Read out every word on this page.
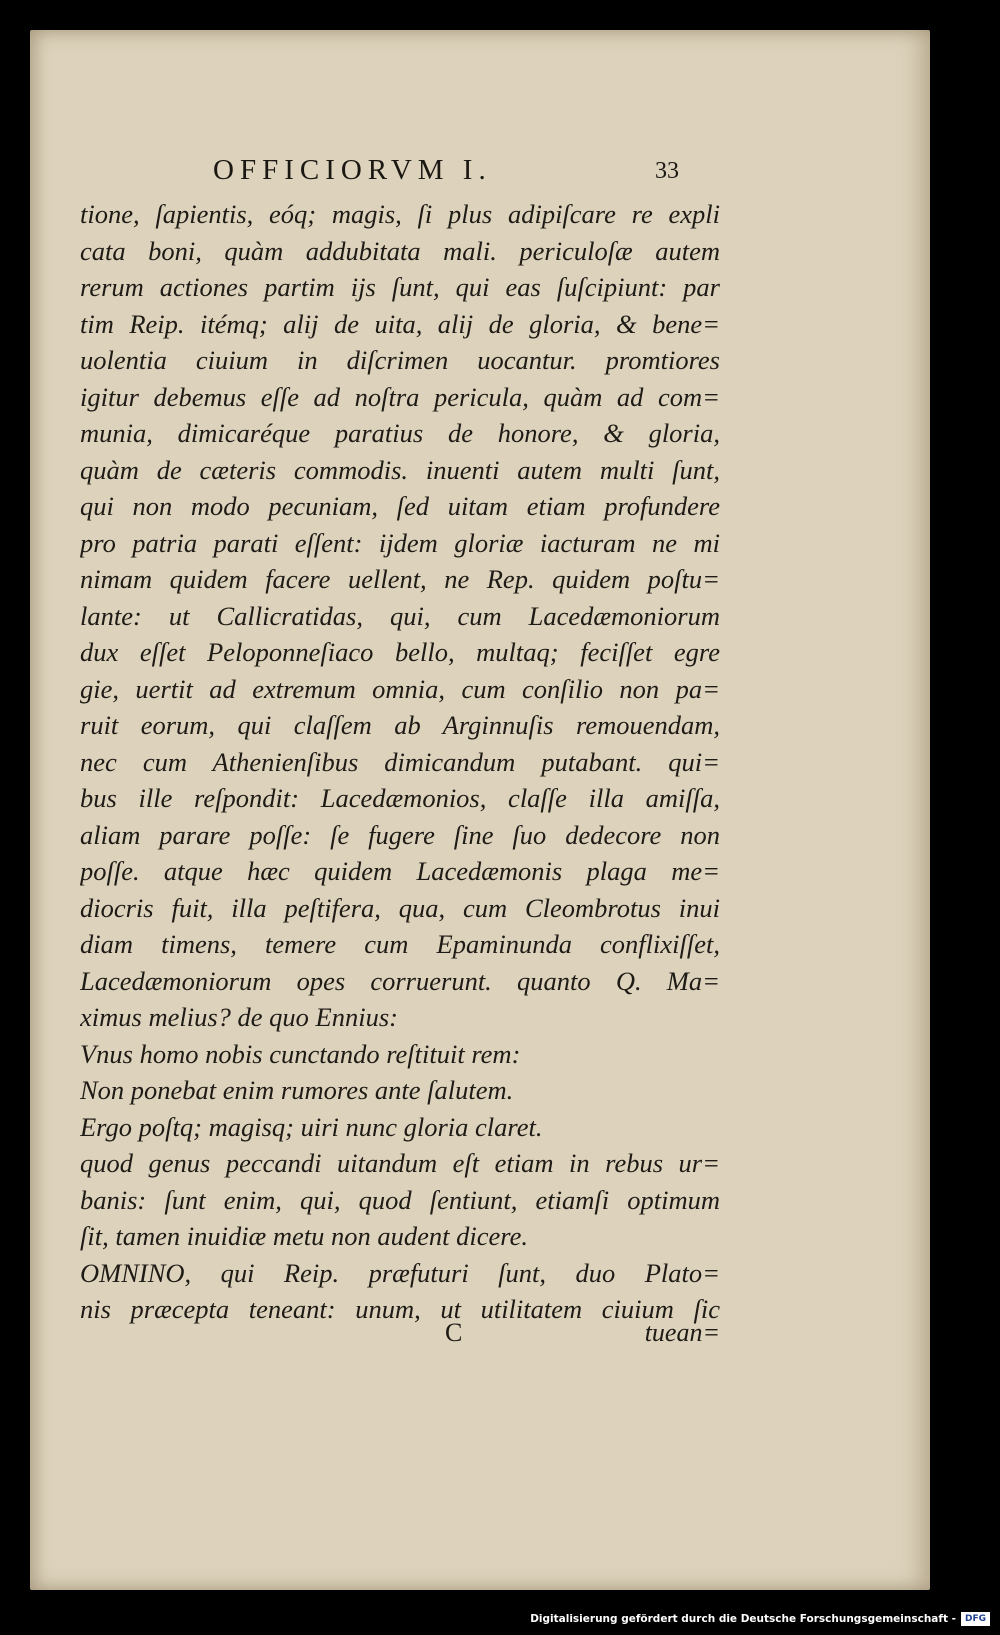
OFFICIORVM I.	33
tione, ſapientis, eóq; magis, ſi plus adipiſcare re expli
cata boni, quàm addubitata mali. periculoſæ autem
rerum actiones partim ijs ſunt, qui eas ſuſcipiunt: par
tim Reip. itémq; alij de uita, alij de gloria, & bene=
uolentia ciuium in diſcrimen uocantur. promtiores
igitur debemus eſſe ad noſtra pericula, quàm ad com=
munia, dimicaréque paratius de honore, & gloria,
quàm de cæteris commodis. inuenti autem multi ſunt,
qui non modo pecuniam, ſed uitam etiam profundere
pro patria parati eſſent: ijdem gloriæ iacturam ne mi
nimam quidem facere uellent, ne Rep. quidem poſtu=
lante: ut Callicratidas, qui, cum Lacedæmoniorum
dux eſſet Peloponneſiaco bello, multaq; feciſſet egre
gie, uertit ad extremum omnia, cum conſilio non pa=
ruit eorum, qui claſſem ab Arginnuſis remouendam,
nec cum Athenienſibus dimicandum putabant. qui=
bus ille reſpondit: Lacedæmonios, claſſe illa amiſſa,
aliam parare poſſe: ſe fugere ſine ſuo dedecore non
poſſe. atque hæc quidem Lacedæmonis plaga me=
diocris fuit, illa peſtifera, qua, cum Cleombrotus inui
diam timens, temere cum Epaminunda conflixiſſet,
Lacedæmoniorum opes corruerunt. quanto Q. Ma=
ximus melius? de quo Ennius:
Vnus homo nobis cunctando reſtituit rem:
Non ponebat enim rumores ante ſalutem.
Ergo poſtq; magisq; uiri nunc gloria claret.
quod genus peccandi uitandum eſt etiam in rebus ur=
banis: ſunt enim, qui, quod ſentiunt, etiamſi optimum
ſit, tamen inuidiæ metu non audent dicere.
OMNINO, qui Reip. præfuturi ſunt, duo Plato=
nis præcepta teneant: unum, ut utilitatem ciuium ſic
C	tuean=
Digitalisierung gefördert durch die Deutsche Forschungsgemeinschaft -	DFG
